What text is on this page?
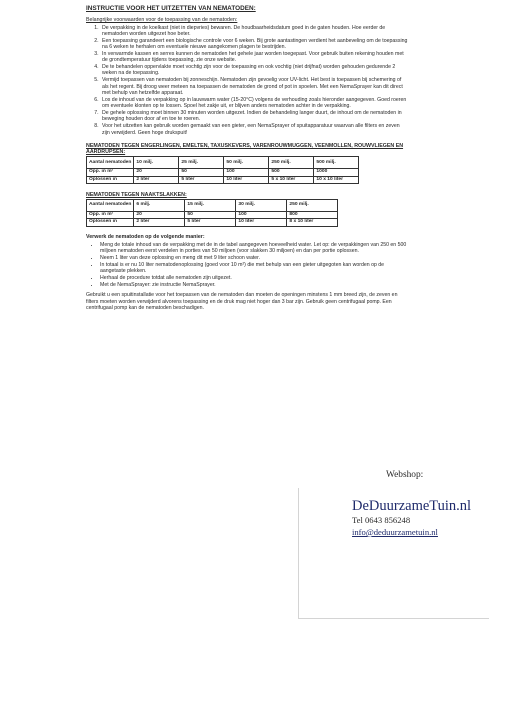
INSTRUCTIE VOOR HET UITZETTEN VAN NEMATODEN:
Belangrijke voorwaarden voor de toepassing van de nematoden:
1. De verpakking in de koelkast (niet in diepvries) bewaren. De houdbaarheidsdatum goed in de gaten houden. Hoe eerder de nematoden worden uitgezet hoe beter.
2. Een toepassing garandeert een biologische controle voor 6 weken. Bij grote aantastingen verdient het aanbeveling om de toepassing na 6 weken te herhalen om eventuele nieuwe aangekomen plagen te bestrijden.
3. In verwarmde kassen en serres kunnen de nematoden het gehele jaar worden toegepast. Voor gebruik buiten rekening houden met de grondtemperatuur tijdens toepassing, zie onze website.
4. De te behandelen oppervlakte moet vochtig zijn voor de toepassing en ook vochtig (niet drijfnat) worden gehouden gedurende 2 weken na de toepassing.
5. Vermijd toepassen van nematoden bij zonneschijn. Nematoden zijn gevoelig voor UV-licht. Het best is toepassen bij schemering of als het regent. Bij droog weer meteen na toepassen de nematoden de grond of pot in spoelen. Met een NemaSprayer kan dit direct met behulp van hetzelfde apparaat.
6. Los de inhoud van de verpakking op in lauwwarm water (15-20°C) volgens de verhouding zoals hieronder aangegeven. Goed roeren om eventuele klonten op te lossen. Spoel het zakje uit, er blijven anders nematoden achter in de verpakking.
7. De gehele oplossing moet binnen 30 minuten worden uitgezet. Indien de behandeling langer duurt, de inhoud om de nematoden in beweging houden door af en toe te roeren.
8. Voor het uitzetten kan gebruik worden gemaakt van een gieter, een NemaSprayer of spuitapparatuur waarvan alle filters en zeven zijn verwijderd. Geen hoge drukspuit!
NEMATODEN TEGEN ENGERLINGEN, EMELTEN, TAXUSKEVERS, VARENROUWMUGGEN, VEENMOLLEN, ROUWVLIEGEN EN AARDRUPSEN:
Aantal nematoden	10 milj.	25 milj.	50 milj.	250 milj.	500 milj.
Opp. in m²	20	50	100	500	1000
Oplossen in	2 liter	5 liter	10 liter	5 x 10 liter	10 x 10 liter
NEMATODEN TEGEN NAAKTSLAKKEN:
Aantal nematoden	6 milj.	15 milj.	30 milj.	250 milj.
Opp. in m²	20	50	100	800
Oplossen in	2 liter	5 liter	10 liter	8 x 10 liter
Verwerk de nematoden op de volgende manier:
• Meng de totale inhoud van de verpakking met de in de tabel aangegeven hoeveelheid water. Let op: de verpakkingen van 250 en 500 miljoen nematoden eerst verdelen in porties van 50 miljoen (voor slakken 30 miljoen) en dan per portie oplossen.
• Neem 1 liter van deze oplossing en meng dit met 9 liter schoon water.
• In totaal is er nu 10 liter nematodenoplossing (goed voor 10 m²) die met behulp van een gieter uitgegoten kan worden op de aangetaste plekken.
• Herhaal de procedure totdat alle nematoden zijn uitgezet.
• Met de NemaSprayer: zie instructie NemaSprayer.
Gebruikt u een spuitinstallatie voor het toepassen van de nematoden dan moeten de openingen minstens 1 mm breed zijn, de zeven en filters moeten worden verwijderd alvorens toepassing en de druk mag niet hoger dan 3 bar zijn. Gebruik geen centrifugaal pomp. Een centrifugaal pomp kan de nematoden beschadigen.
Webshop:
DeDuurzameTuin.nl
Tel 0643 856248
info@deduurzametuin.nl
